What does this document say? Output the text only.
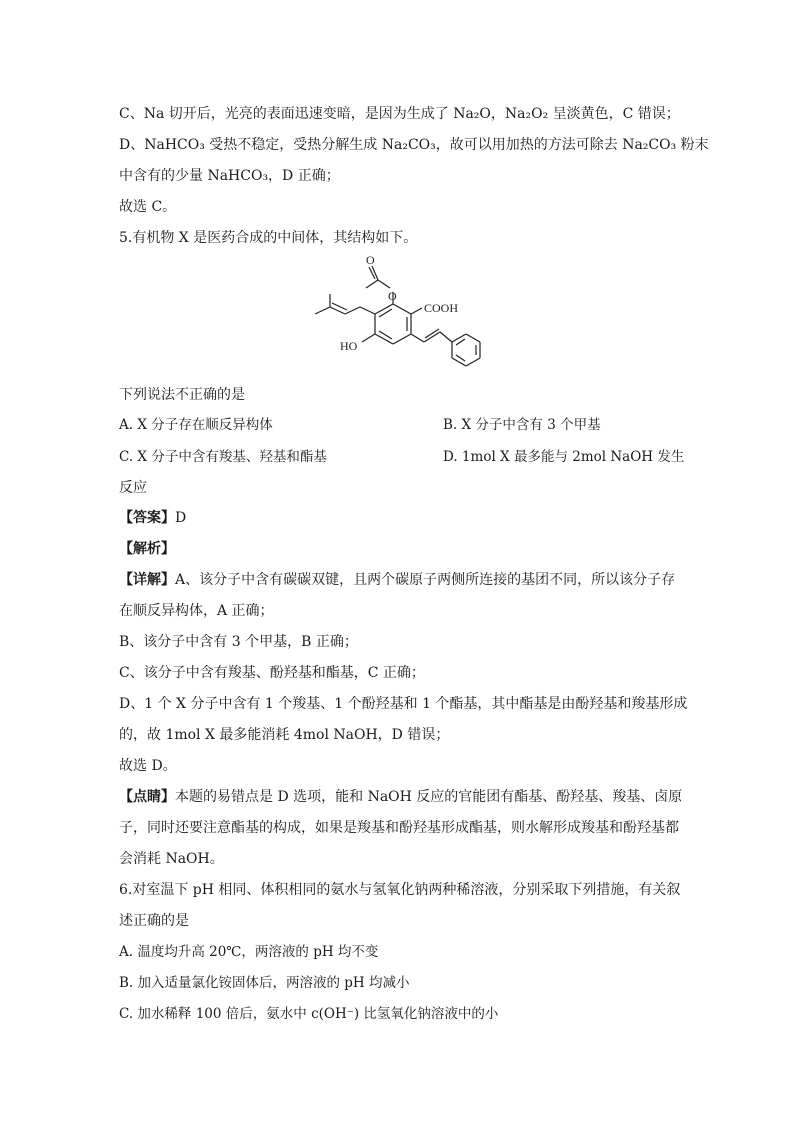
C、Na 切开后，光亮的表面迅速变暗，是因为生成了 Na₂O，Na₂O₂ 呈淡黄色，C 错误；
D、NaHCO₃ 受热不稳定，受热分解生成 Na₂CO₃，故可以用加热的方法可除去 Na₂CO₃ 粉末
中含有的少量 NaHCO₃，D 正确；
故选 C。
5.有机物 X 是医药合成的中间体，其结构如下。
O
O
COOH
HO
下列说法不正确的是
A. X 分子存在顺反异构体	B. X 分子中含有 3 个甲基
C. X 分子中含有羧基、羟基和酯基	D. 1mol X 最多能与 2mol NaOH 发生
反应
【答案】D
【解析】
【详解】A、该分子中含有碳碳双键，且两个碳原子两侧所连接的基团不同，所以该分子存
在顺反异构体，A 正确；
B、该分子中含有 3 个甲基，B 正确；
C、该分子中含有羧基、酚羟基和酯基，C 正确；
D、1 个 X 分子中含有 1 个羧基、1 个酚羟基和 1 个酯基，其中酯基是由酚羟基和羧基形成
的，故 1mol X 最多能消耗 4mol NaOH，D 错误；
故选 D。
【点睛】本题的易错点是 D 选项，能和 NaOH 反应的官能团有酯基、酚羟基、羧基、卤原
子，同时还要注意酯基的构成，如果是羧基和酚羟基形成酯基，则水解形成羧基和酚羟基都
会消耗 NaOH。
6.对室温下 pH 相同、体积相同的氨水与氢氧化钠两种稀溶液，分别采取下列措施，有关叙
述正确的是
A. 温度均升高 20℃，两溶液的 pH 均不变
B. 加入适量氯化铵固体后，两溶液的 pH 均减小
C. 加水稀释 100 倍后，氨水中 c(OH⁻) 比氢氧化钠溶液中的小
